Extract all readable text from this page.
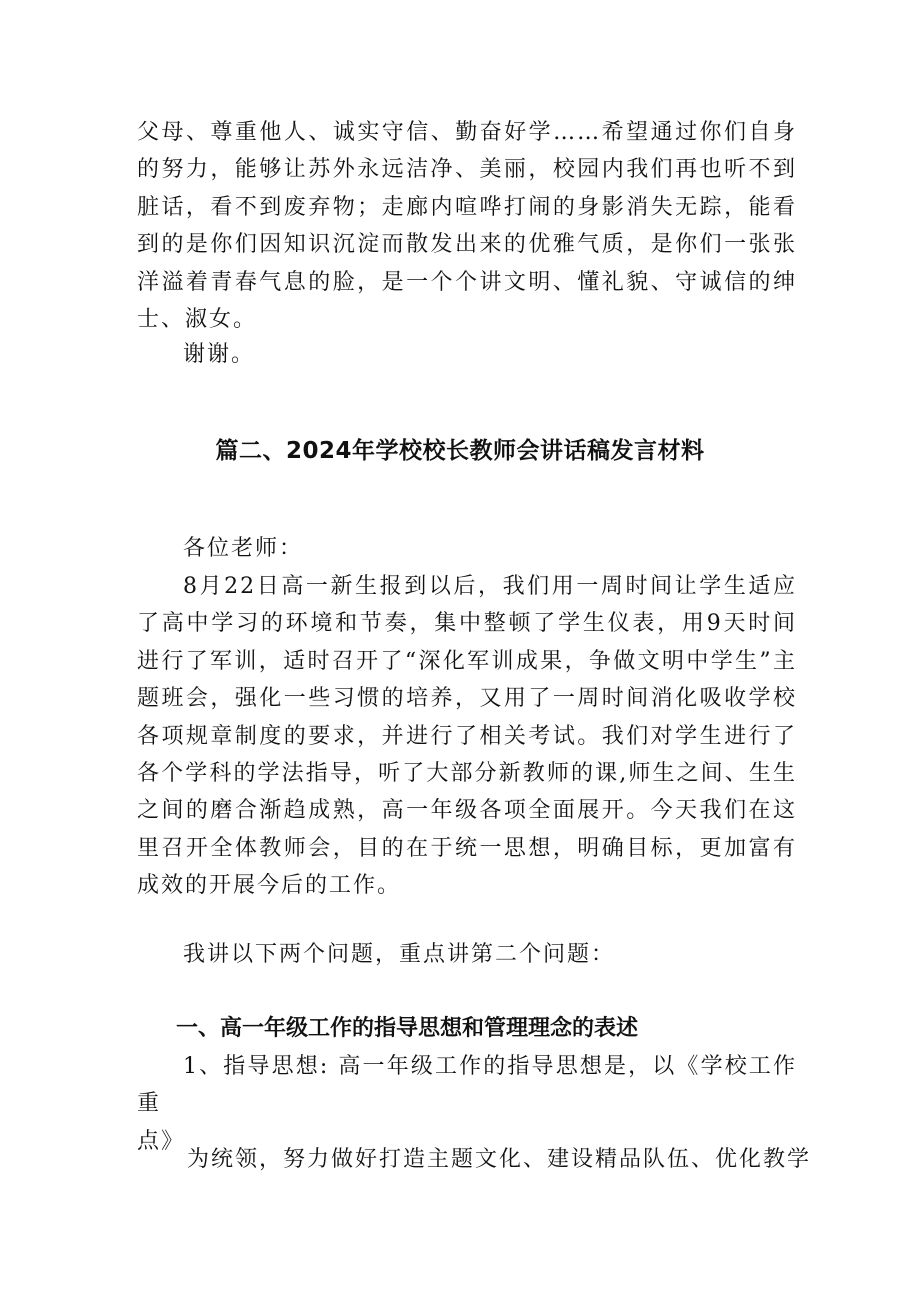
父母、尊重他人、诚实守信、勤奋好学……希望通过你们自身的努力，能够让苏外永远洁净、美丽，校园内我们再也听不到脏话，看不到废弃物；走廊内喧哗打闹的身影消失无踪，能看到的是你们因知识沉淀而散发出来的优雅气质，是你们一张张洋溢着青春气息的脸，是一个个讲文明、懂礼貌、守诚信的绅士、淑女。

谢谢。

篇二、2024年学校校长教师会讲话稿发言材料

各位老师：

8月22日高一新生报到以后，我们用一周时间让学生适应了高中学习的环境和节奏，集中整顿了学生仪表，用9天时间进行了军训，适时召开了“深化军训成果，争做文明中学生”主题班会，强化一些习惯的培养，又用了一周时间消化吸收学校各项规章制度的要求，并进行了相关考试。我们对学生进行了各个学科的学法指导，听了大部分新教师的课,师生之间、生生之间的磨合渐趋成熟，高一年级各项全面展开。今天我们在这里召开全体教师会，目的在于统一思想，明确目标，更加富有成效的开展今后的工作。

我讲以下两个问题，重点讲第二个问题：

一、高一年级工作的指导思想和管理理念的表述

1、指导思想: 高一年级工作的指导思想是，以《学校工作重

点》

为统领，努力做好打造主题文化、建设精品队伍、优化教学
